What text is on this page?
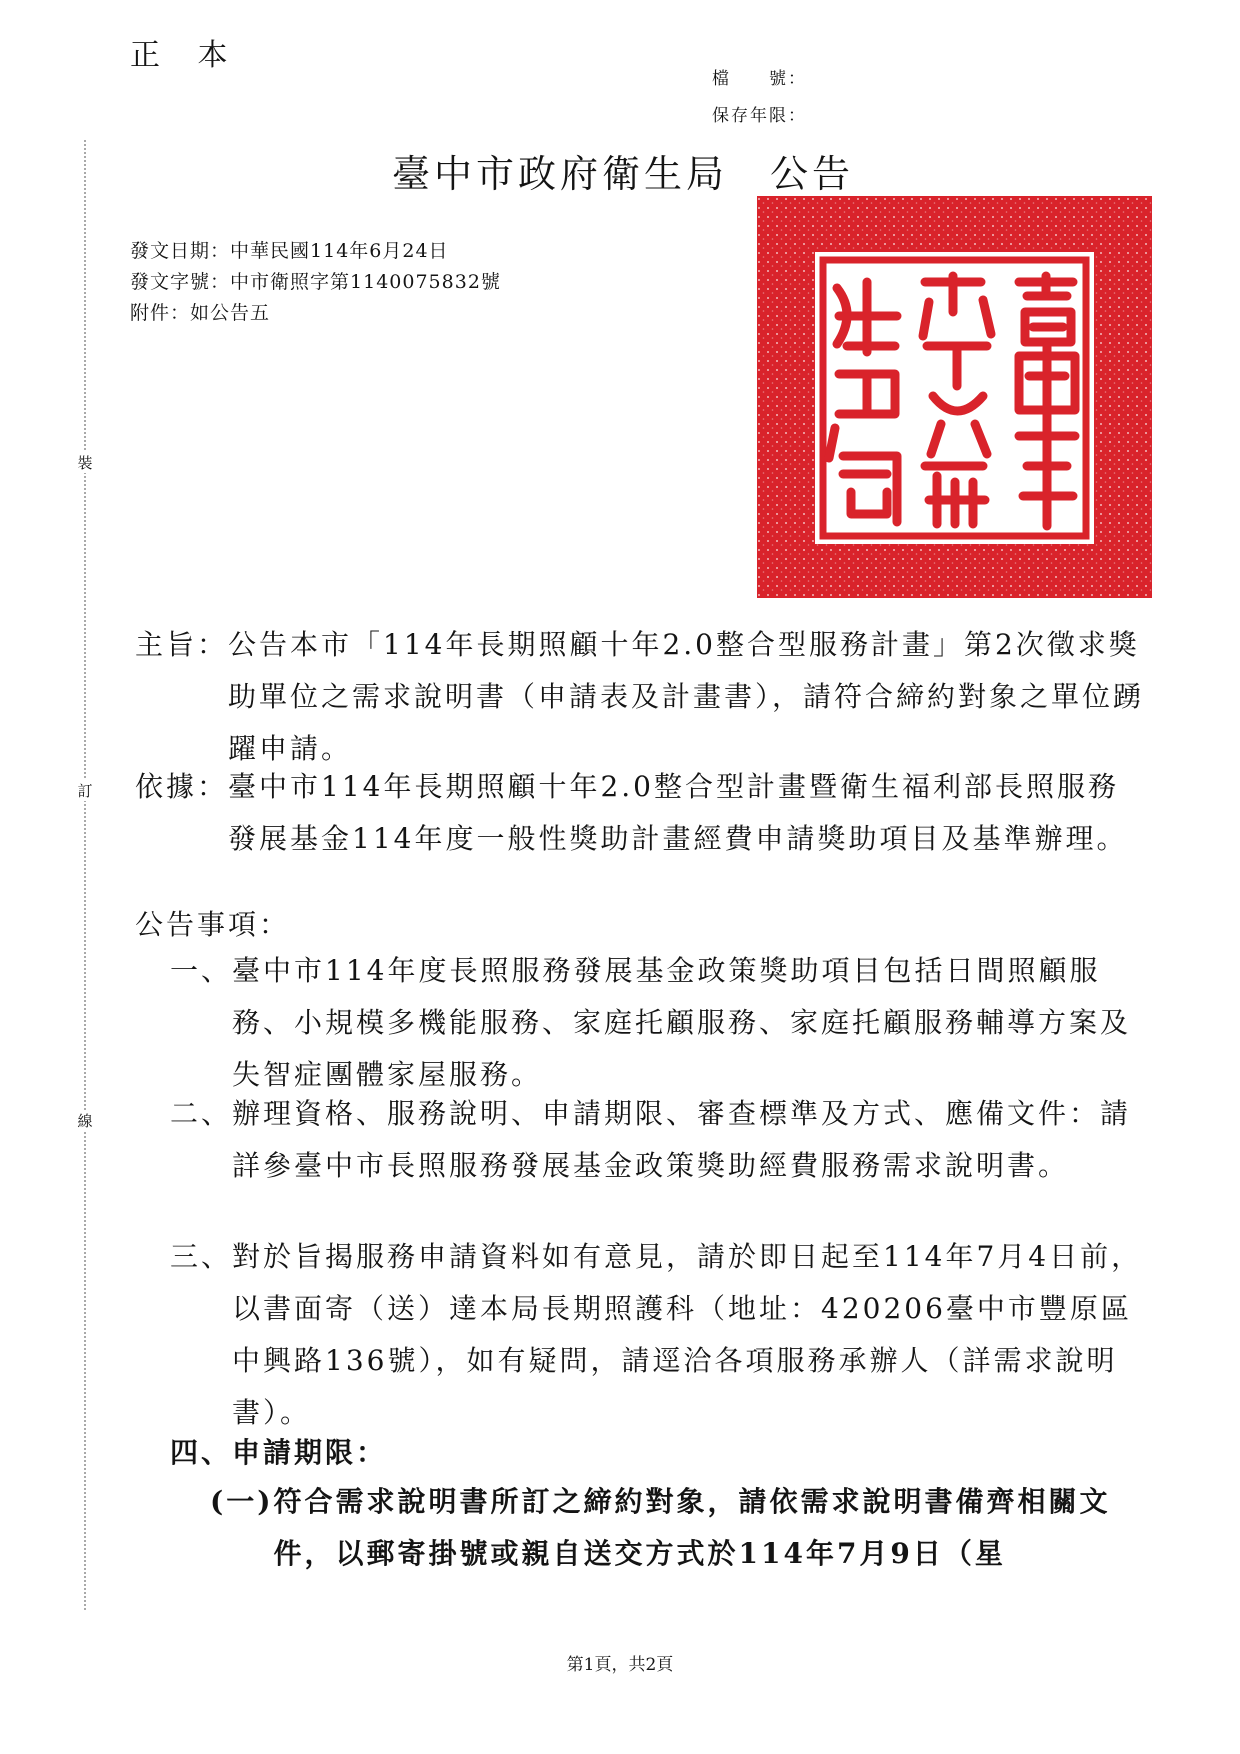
正 本
檔　　號：
保存年限：
臺中市政府衛生局　公告
發文日期 ： 中華民國114年6月24日
發文字號 ： 中市衛照字第1140075832號
附件 ： 如公告五
裝
訂
線
主旨： 公告本市「114年長期照顧十年2.0整合型服務計畫」第2次徵求獎助單位之需求說明書（申請表及計畫書），請符合締約對象之單位踴躍申請。
依據： 臺中市114年長期照顧十年2.0整合型計畫暨衛生福利部長照服務發展基金114年度一般性獎助計畫經費申請獎助項目及基準辦理。
公告事項：
一、 臺中市114年度長照服務發展基金政策獎助項目包括日間照顧服務、小規模多機能服務、家庭托顧服務、家庭托顧服務輔導方案及失智症團體家屋服務。
二、 辦理資格、服務說明、申請期限、審查標準及方式、應備文件：請詳參臺中市長照服務發展基金政策獎助經費服務需求說明書。
三、 對於旨揭服務申請資料如有意見，請於即日起至114年7月4日前，以書面寄（送）達本局長期照護科（地址：420206臺中市豐原區中興路136號），如有疑問，請逕洽各項服務承辦人（詳需求說明書）。
四、 申請期限：
(一) 符合需求說明書所訂之締約對象，請依需求說明書備齊相關文件，以郵寄掛號或親自送交方式於114年7月9日（星
第1頁，共2頁
